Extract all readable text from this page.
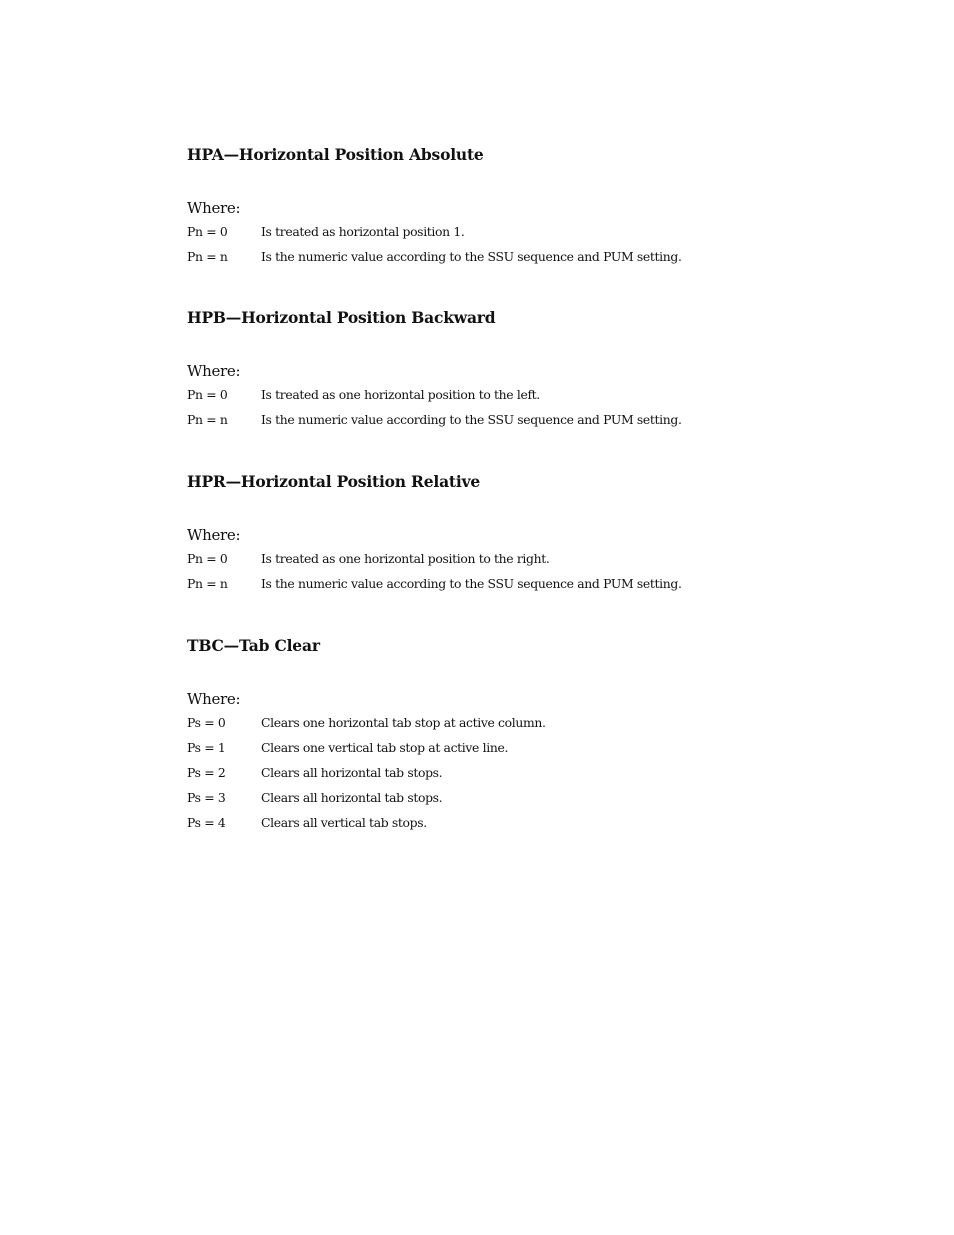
HPA—Horizontal Position Absolute
Where:
Pn = 0	Is treated as horizontal position 1.
Pn = n	Is the numeric value according to the SSU sequence and PUM setting.
HPB—Horizontal Position Backward
Where:
Pn = 0	Is treated as one horizontal position to the left.
Pn = n	Is the numeric value according to the SSU sequence and PUM setting.
HPR—Horizontal Position Relative
Where:
Pn = 0	Is treated as one horizontal position to the right.
Pn = n	Is the numeric value according to the SSU sequence and PUM setting.
TBC—Tab Clear
Where:
Ps = 0	Clears one horizontal tab stop at active column.
Ps = 1	Clears one vertical tab stop at active line.
Ps = 2	Clears all horizontal tab stops.
Ps = 3	Clears all horizontal tab stops.
Ps = 4	Clears all vertical tab stops.
